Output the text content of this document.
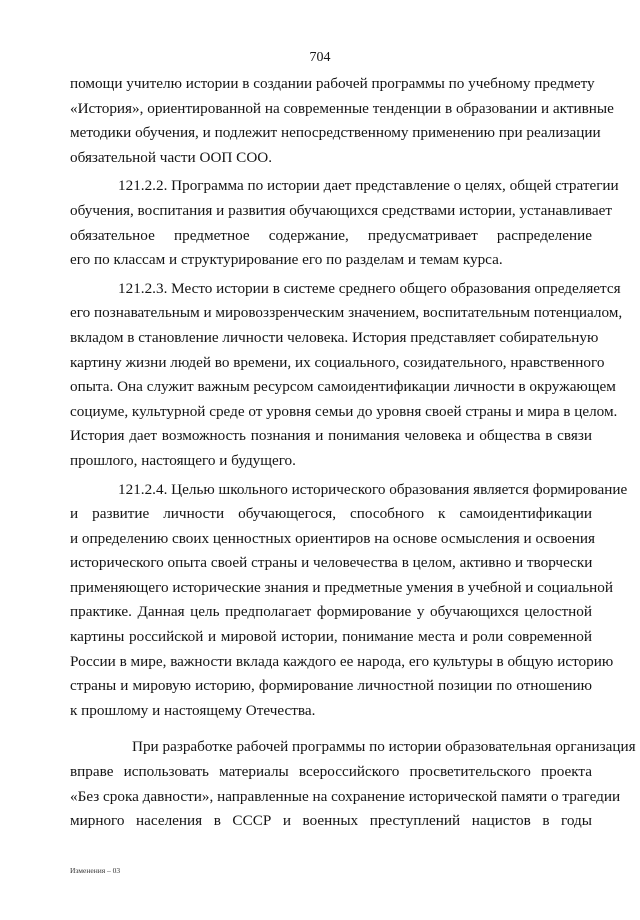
704
помощи учителю истории в создании рабочей программы по учебному предмету
«История», ориентированной на современные тенденции в образовании и активные
методики обучения, и подлежит непосредственному применению при реализации
обязательной части ООП СОО.
121.2.2. Программа по истории дает представление о целях, общей стратегии
обучения, воспитания и развития обучающихся средствами истории, устанавливает
обязательное предметное содержание, предусматривает распределение
его по классам и структурирование его по разделам и темам курса.
121.2.3. Место истории в системе среднего общего образования определяется
его познавательным и мировоззренческим значением, воспитательным потенциалом,
вкладом в становление личности человека. История представляет собирательную
картину жизни людей во времени, их социального, созидательного, нравственного
опыта. Она служит важным ресурсом самоидентификации личности в окружающем
социуме, культурной среде от уровня семьи до уровня своей страны и мира в целом.
История дает возможность познания и понимания человека и общества в связи
прошлого, настоящего и будущего.
121.2.4. Целью школьного исторического образования является формирование
и развитие личности обучающегося, способного к самоидентификации
и определению своих ценностных ориентиров на основе осмысления и освоения
исторического опыта своей страны и человечества в целом, активно и творчески
применяющего исторические знания и предметные умения в учебной и социальной
практике. Данная цель предполагает формирование у обучающихся целостной
картины российской и мировой истории, понимание места и роли современной
России в мире, важности вклада каждого ее народа, его культуры в общую историю
страны и мировую историю, формирование личностной позиции по отношению
к прошлому и настоящему Отечества.
При разработке рабочей программы по истории образовательная организация
вправе использовать материалы всероссийского просветительского проекта
«Без срока давности», направленные на сохранение исторической памяти о трагедии
мирного населения в СССР и военных преступлений нацистов в годы
Изменения – 03
